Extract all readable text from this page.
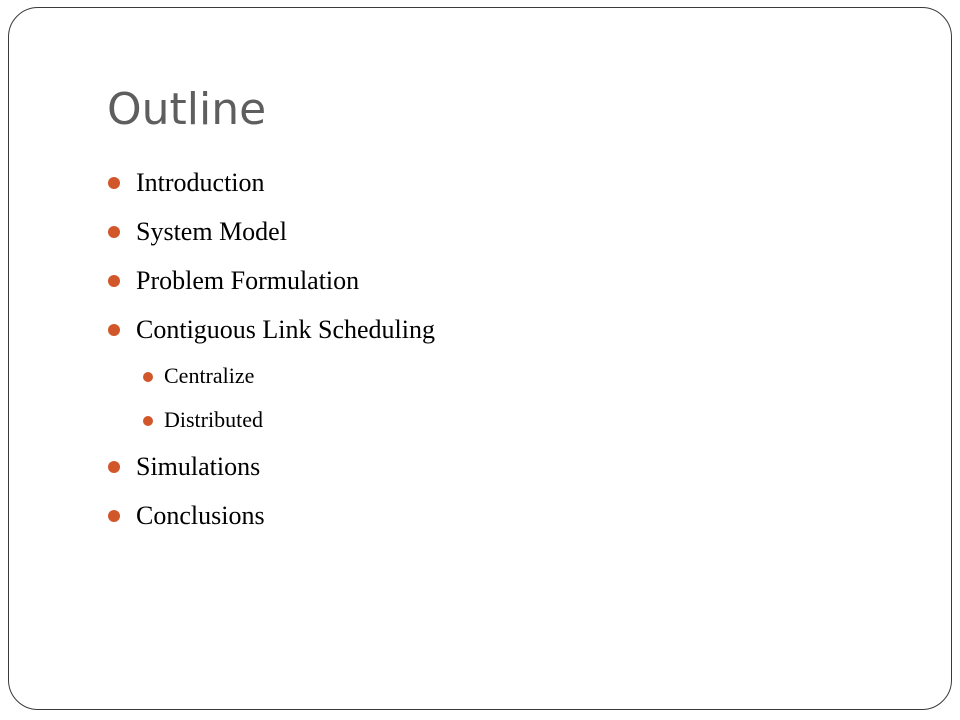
Outline
Introduction
System Model
Problem Formulation
Contiguous Link Scheduling
Centralize
Distributed
Simulations
Conclusions
